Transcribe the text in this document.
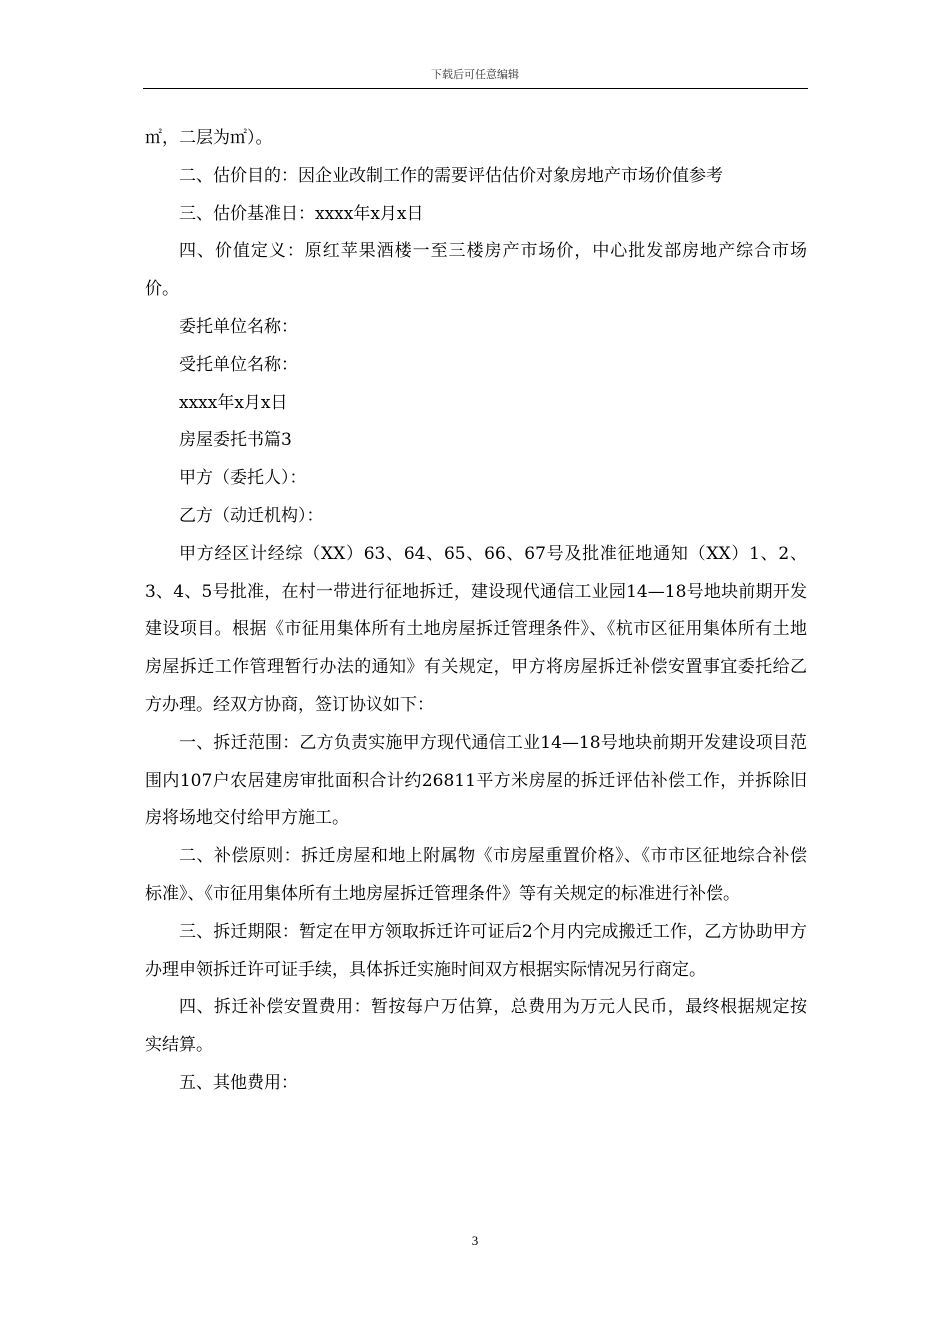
下载后可任意编辑

㎡，二层为㎡）。

二、估价目的：因企业改制工作的需要评估估价对象房地产市场价值参考

三、估价基准日：xxxx年x月x日

四、价值定义：原红苹果酒楼一至三楼房产市场价，中心批发部房地产综合市场价。

委托单位名称：

受托单位名称：

xxxx年x月x日

房屋委托书篇3

甲方（委托人）：

乙方（动迁机构）：

甲方经区计经综（XX）63、64、65、66、67号及批准征地通知（XX）1、2、3、4、5号批准，在村一带进行征地拆迁，建设现代通信工业园14—18号地块前期开发建设项目。根据《市征用集体所有土地房屋拆迁管理条件》、《杭市区征用集体所有土地房屋拆迁工作管理暂行办法的通知》有关规定，甲方将房屋拆迁补偿安置事宜委托给乙方办理。经双方协商，签订协议如下：

一、拆迁范围：乙方负责实施甲方现代通信工业14—18号地块前期开发建设项目范围内107户农居建房审批面积合计约26811平方米房屋的拆迁评估补偿工作，并拆除旧房将场地交付给甲方施工。

二、补偿原则：拆迁房屋和地上附属物《市房屋重置价格》、《市市区征地综合补偿标准》、《市征用集体所有土地房屋拆迁管理条件》等有关规定的标准进行补偿。

三、拆迁期限：暂定在甲方领取拆迁许可证后2个月内完成搬迁工作，乙方协助甲方办理申领拆迁许可证手续，具体拆迁实施时间双方根据实际情况另行商定。

四、拆迁补偿安置费用：暂按每户万估算，总费用为万元人民币，最终根据规定按实结算。

五、其他费用：

3
